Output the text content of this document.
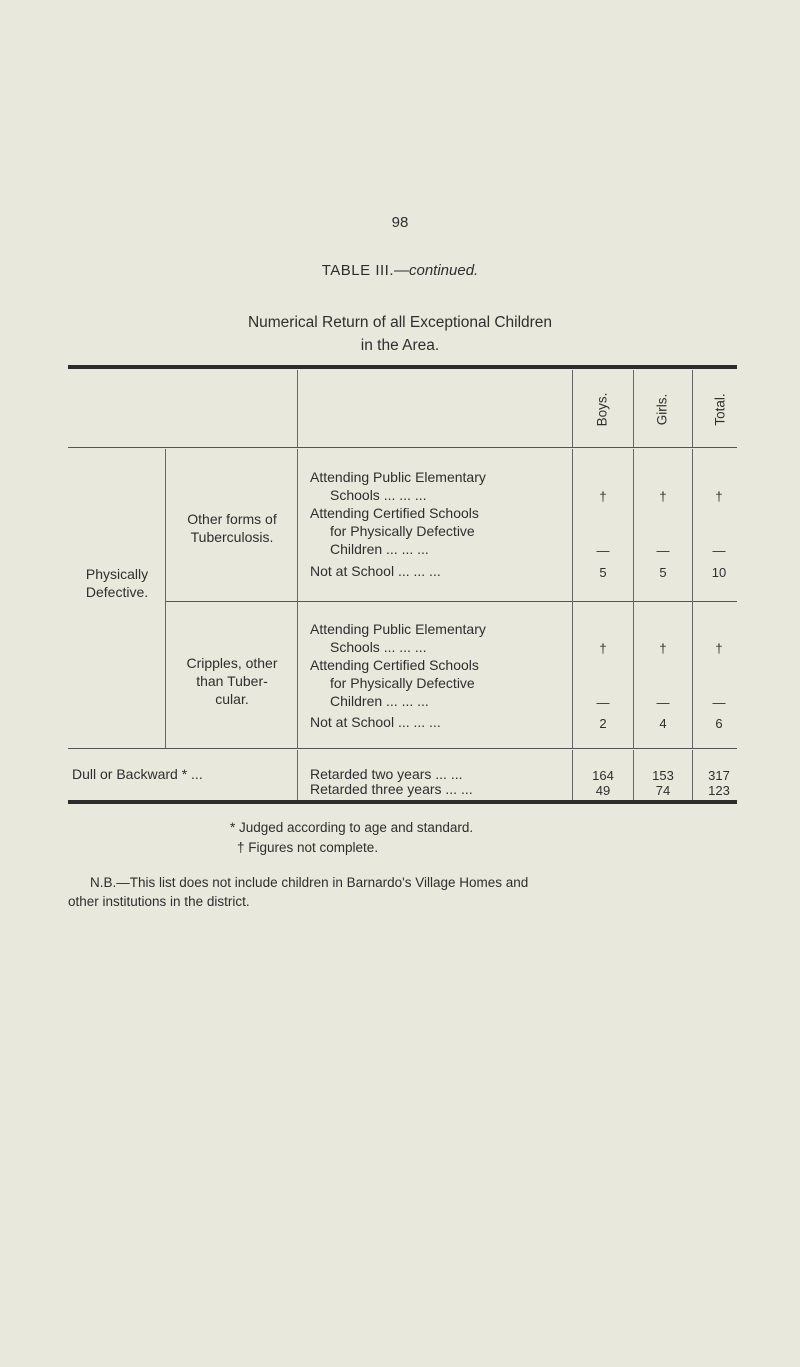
98
TABLE III.—continued.
Numerical Return of all Exceptional Children
in the Area.
Boys.	Girls.	Total.
Physically Defective.
Other forms of
Tuberculosis.
Attending Public Elementary
Schools ... ... ...	†	†	†
Attending Certified Schools
for Physically Defective
Children ... ... ...	—	—	—
Not at School ... ... ...	5	5	10
Cripples, other
than Tuber-
cular.
Attending Public Elementary
Schools ... ... ...	†	†	†
Attending Certified Schools
for Physically Defective
Children ... ... ...	—	—	—
Not at School ... ... ...	2	4	6
Dull or Backward * ...	Retarded two years ... ...	164	153	317
Retarded three years ... ...	49	74	123
* Judged according to age and standard.
† Figures not complete.
N.B.—This list does not include children in Barnardo's Village Homes and
other institutions in the district.
